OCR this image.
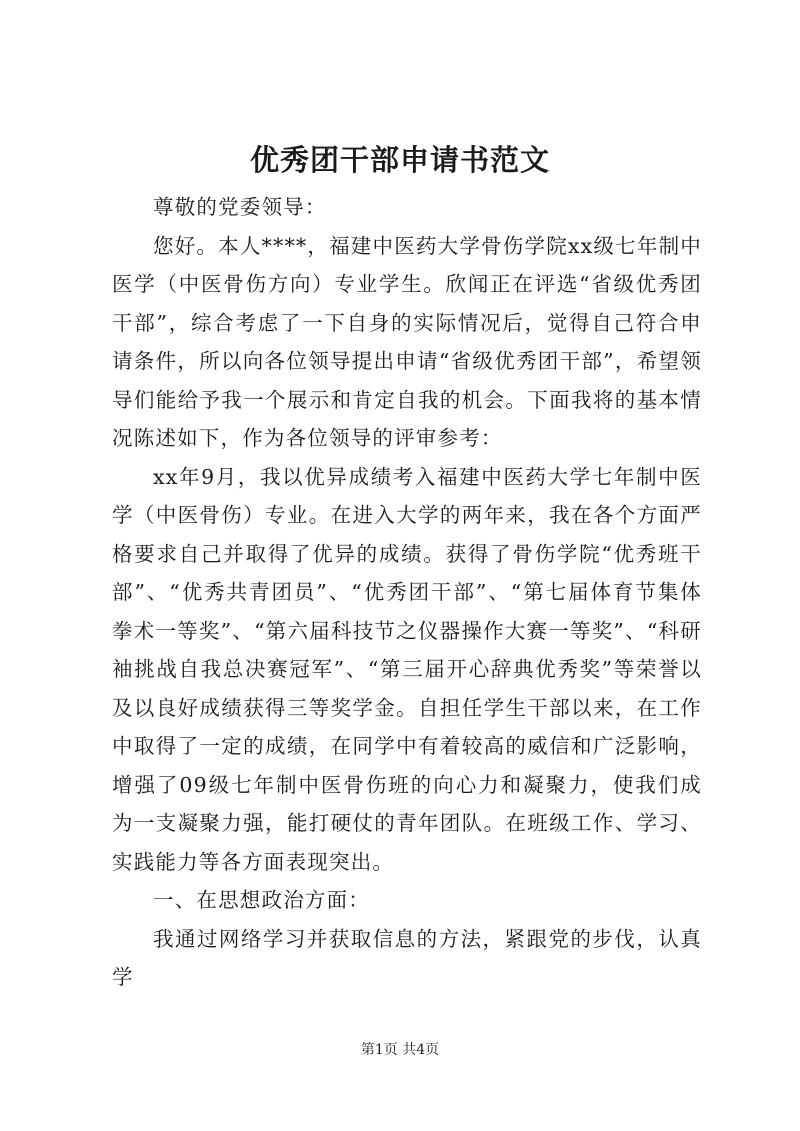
优秀团干部申请书范文

尊敬的党委领导：

您好。本人****，福建中医药大学骨伤学院xx级七年制中医学（中医骨伤方向）专业学生。欣闻正在评选“省级优秀团干部”，综合考虑了一下自身的实际情况后，觉得自己符合申请条件，所以向各位领导提出申请“省级优秀团干部”，希望领导们能给予我一个展示和肯定自我的机会。下面我将的基本情况陈述如下，作为各位领导的评审参考：

xx年9月，我以优异成绩考入福建中医药大学七年制中医学（中医骨伤）专业。在进入大学的两年来，我在各个方面严格要求自己并取得了优异的成绩。获得了骨伤学院“优秀班干部”、“优秀共青团员”、“优秀团干部”、“第七届体育节集体拳术一等奖”、“第六届科技节之仪器操作大赛一等奖”、“科研袖挑战自我总决赛冠军”、“第三届开心辞典优秀奖”等荣誉以及以良好成绩获得三等奖学金。自担任学生干部以来，在工作中取得了一定的成绩，在同学中有着较高的威信和广泛影响，增强了09级七年制中医骨伤班的向心力和凝聚力，使我们成为一支凝聚力强，能打硬仗的青年团队。在班级工作、学习、实践能力等各方面表现突出。

一、在思想政治方面：

我通过网络学习并获取信息的方法，紧跟党的步伐，认真学

第1页 共4页
